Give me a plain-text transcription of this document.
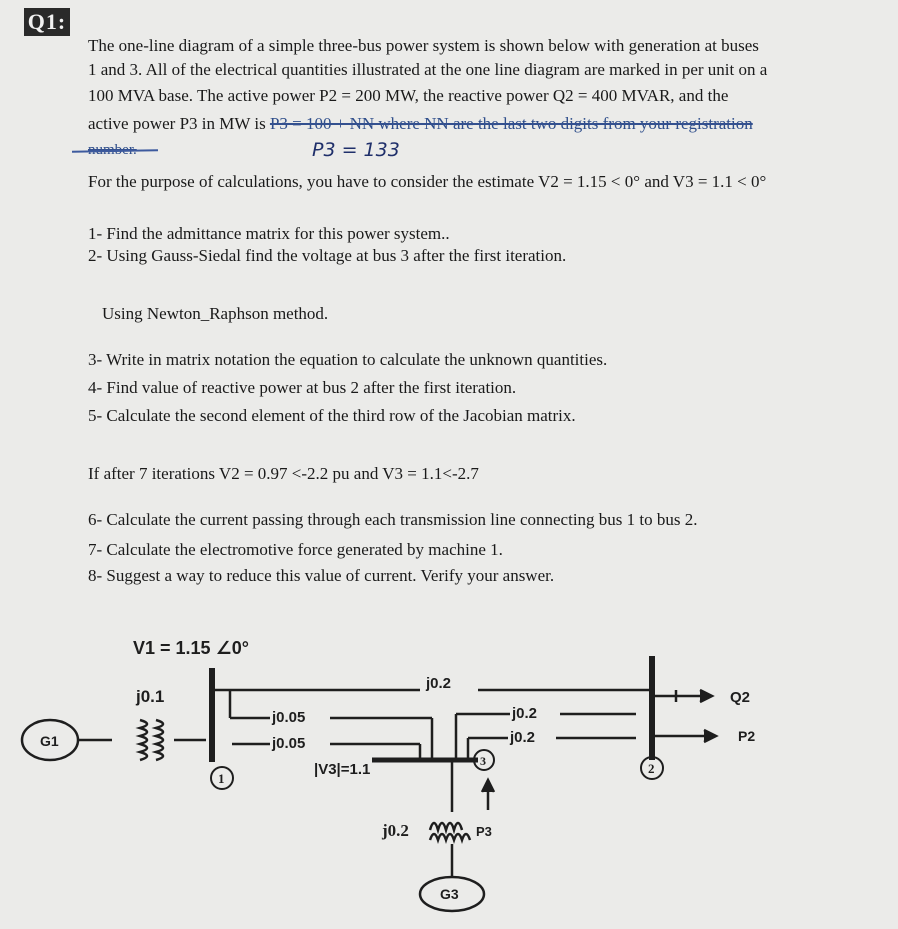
Q1:
The one-line diagram of a simple three-bus power system is shown below with generation at buses
1 and 3. All of the electrical quantities illustrated at the one line diagram are marked in per unit on a
100 MVA base. The active power P2 = 200 MW, the reactive power Q2 = 400 MVAR, and the
active power P3 in MW is P3 = 100 + NN where NN are the last two digits from your registration
P3 = 133
For the purpose of calculations, you have to consider the estimate V2 = 1.15 < 0° and V3 = 1.1 < 0°
1- Find the admittance matrix for this power system..
2- Using Gauss-Siedal find the voltage at bus 3 after the first iteration.
Using Newton_Raphson method.
3- Write in matrix notation the equation to calculate the unknown quantities.
4- Find value of reactive power at bus 2 after the first iteration.
5- Calculate the second element of the third row of the Jacobian matrix.
If after 7 iterations V2 = 0.97 <-2.2 pu and V3 = 1.1<-2.7
6- Calculate the current passing through each transmission line connecting bus 1 to bus 2.
7- Calculate the electromotive force generated by machine 1.
8- Suggest a way to reduce this value of current. Verify your answer.
V1 = 1.15 ∠0°
G1
j0.1
j0.2
j0.05
j0.05
|V3|=1.1
j0.2
j0.2
Q2
P2
j0.2	P3
G3
1
2
3
